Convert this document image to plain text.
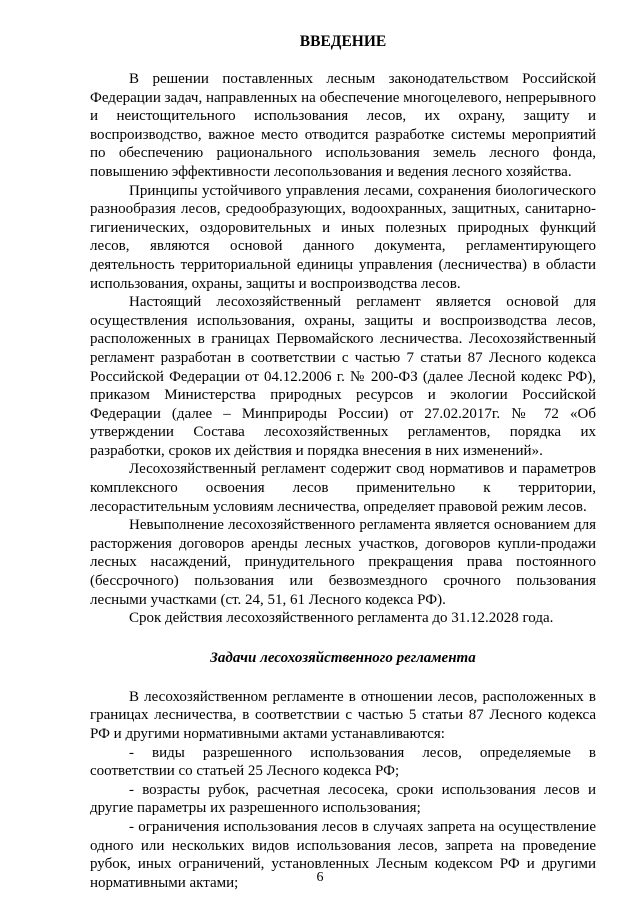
ВВЕДЕНИЕ

В решении поставленных лесным законодательством Российской Федерации задач, направленных на обеспечение многоцелевого, непрерывного и неистощительного использования лесов, их охрану, защиту и воспроизводство, важное место отводится разработке системы мероприятий по обеспечению рационального использования земель лесного фонда, повышению эффективности лесопользования и ведения лесного хозяйства.

Принципы устойчивого управления лесами, сохранения биологического разнообразия лесов, средообразующих, водоохранных, защитных, санитарно-гигиенических, оздоровительных и иных полезных природных функций лесов, являются основой данного документа, регламентирующего деятельность территориальной единицы управления (лесничества) в области использования, охраны, защиты и воспроизводства лесов.

Настоящий лесохозяйственный регламент является основой для осуществления использования, охраны, защиты и воспроизводства лесов, расположенных в границах Первомайского лесничества. Лесохозяйственный регламент разработан в соответствии с частью 7 статьи 87 Лесного кодекса Российской Федерации от 04.12.2006 г. № 200-ФЗ (далее Лесной кодекс РФ), приказом Министерства природных ресурсов и экологии Российской Федерации (далее – Минприроды России) от 27.02.2017г. № 72 «Об утверждении Состава лесохозяйственных регламентов, порядка их разработки, сроков их действия и порядка внесения в них изменений».

Лесохозяйственный регламент содержит свод нормативов и параметров комплексного освоения лесов применительно к территории, лесорастительным условиям лесничества, определяет правовой режим лесов.

Невыполнение лесохозяйственного регламента является основанием для расторжения договоров аренды лесных участков, договоров купли-продажи лесных насаждений, принудительного прекращения права постоянного (бессрочного) пользования или безвозмездного срочного пользования лесными участками (ст. 24, 51, 61 Лесного кодекса РФ).

Срок действия лесохозяйственного регламента до 31.12.2028 года.

Задачи лесохозяйственного регламента

В лесохозяйственном регламенте в отношении лесов, расположенных в границах лесничества, в соответствии с частью 5 статьи 87 Лесного кодекса РФ и другими нормативными актами устанавливаются:

- виды разрешенного использования лесов, определяемые в соответствии со статьей 25 Лесного кодекса РФ;

- возрасты рубок, расчетная лесосека, сроки использования лесов и другие параметры их разрешенного использования;

- ограничения использования лесов в случаях запрета на осуществление одного или нескольких видов использования лесов, запрета на проведение рубок, иных ограничений, установленных Лесным кодексом РФ и другими нормативными актами;	6
